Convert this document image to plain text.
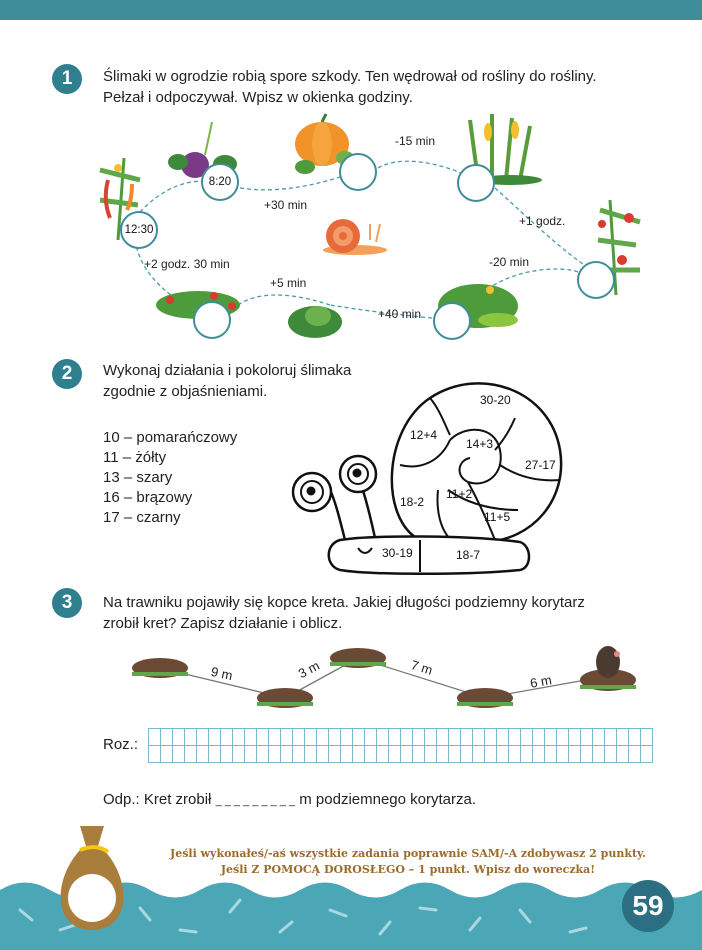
1	Ślimaki w ogrodzie robią spore szkody. Ten wędrował od rośliny do rośliny.
Pełzał i odpoczywał. Wpisz w okienka godziny.
8:20
12:30
-15 min
+30 min
+1 godz.
+2 godz. 30 min
+5 min
-20 min
+40 min
2	Wykonaj działania i pokoloruj ślimaka
zgodnie z objaśnieniami.
10 – pomarańczowy
11 – żółty
13 – szary
16 – brązowy
17 – czarny
30-20
12+4
14+3
27-17
18-2
11+2
11+5
30-19	18-7
3	Na trawniku pojawiły się kopce kreta. Jakiej długości podziemny korytarz
zrobił kret? Zapisz działanie i oblicz.
9 m	3 m	7 m
6 m
Roz.:
Odp.: Kret zrobił _ _ _ _ _ _ _ _ _ m podziemnego korytarza.
Jeśli wykonałeś/-aś wszystkie zadania poprawnie SAM/-A zdobywasz 2 punkty.
Jeśli Z POMOCĄ DOROSŁEGO – 1 punkt. Wpisz do woreczka!
59
